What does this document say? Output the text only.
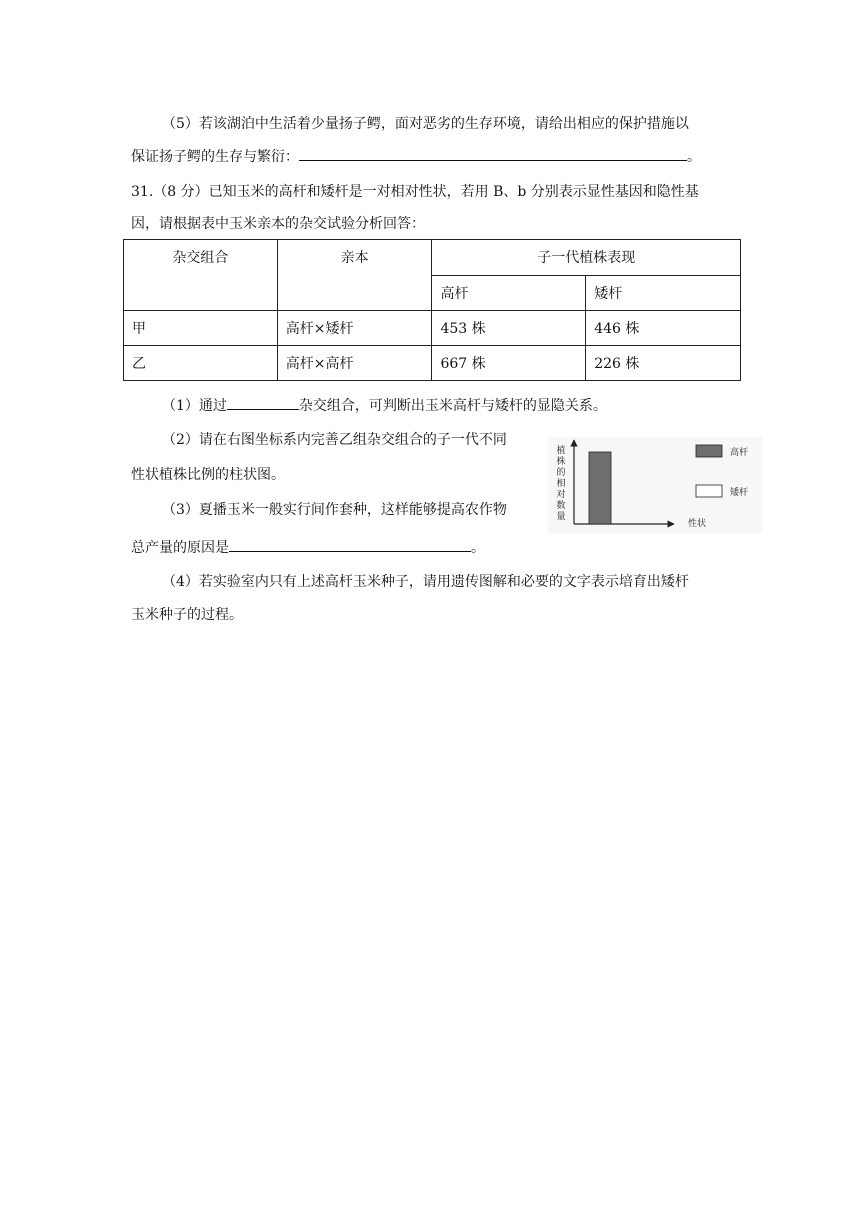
（5）若该湖泊中生活着少量扬子鳄，面对恶劣的生存环境，请给出相应的保护措施以
保证扬子鳄的生存与繁衍：	。
31.（8 分）已知玉米的高杆和矮杆是一对相对性状，若用 B、b 分别表示显性基因和隐性基
因，请根据表中玉米亲本的杂交试验分析回答：
杂交组合	亲本	子一代植株表现	
		高杆	矮杆
甲	高杆×矮杆	453 株	446 株
乙	高杆×高杆	667 株	226 株
（1）通过	杂交组合，可判断出玉米高杆与矮杆的显隐关系。
（2）请在右图坐标系内完善乙组杂交组合的子一代不同
性状植株比例的柱状图。
（3）夏播玉米一般实行间作套种，这样能够提高农作物
总产量的原因是	。
（4）若实验室内只有上述高杆玉米种子，请用遗传图解和必要的文字表示培育出矮杆
玉米种子的过程。
植株的相对数量
性状
高杆
矮杆
